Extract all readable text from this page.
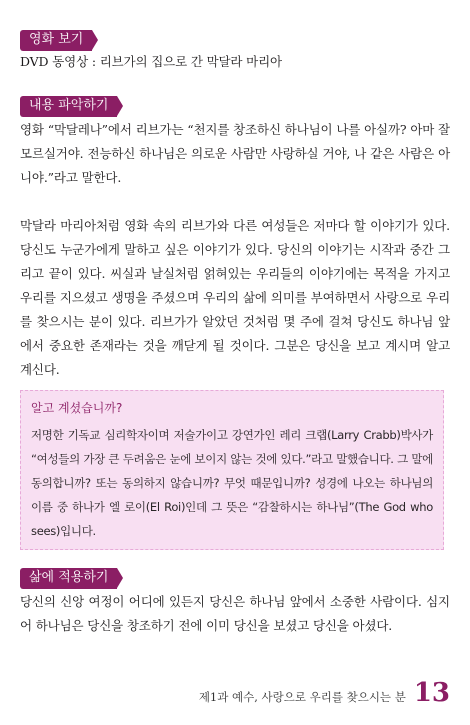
영화 보기

DVD 동영상 : 리브가의 집으로 간 막달라 마리아

내용 파악하기

영화 “막달레나”에서 리브가는 “천지를 창조하신 하나님이 나를 아실까? 아마 잘 모르실거야. 전능하신 하나님은 의로운 사람만 사랑하실 거야, 나 같은 사람은 아니야.”라고 말한다.

막달라 마리아처럼 영화 속의 리브가와 다른 여성들은 저마다 할 이야기가 있다. 당신도 누군가에게 말하고 싶은 이야기가 있다. 당신의 이야기는 시작과 중간 그리고 끝이 있다. 씨실과 날실처럼 얽혀있는 우리들의 이야기에는 목적을 가지고 우리를 지으셨고 생명을 주셨으며 우리의 삶에 의미를 부여하면서 사랑으로 우리를 찾으시는 분이 있다. 리브가가 알았던 것처럼 몇 주에 걸쳐 당신도 하나님 앞에서 중요한 존재라는 것을 깨닫게 될 것이다. 그분은 당신을 보고 계시며 알고 계신다.

알고 계셨습니까?

저명한 기독교 심리학자이며 저술가이고 강연가인 레리 크랩(Larry Crabb)박사가 “여성들의 가장 큰 두려움은 눈에 보이지 않는 것에 있다.”라고 말했습니다. 그 말에 동의합니까? 또는 동의하지 않습니까? 무엇 때문입니까? 성경에 나오는 하나님의 이름 중 하나가 엘 로이(El Roi)인데 그 뜻은 “감찰하시는 하나님”(The God who sees)입니다.

삶에 적용하기

당신의 신앙 여정이 어디에 있든지 당신은 하나님 앞에서 소중한 사람이다. 심지어 하나님은 당신을 창조하기 전에 이미 당신을 보셨고 당신을 아셨다.

제1과 예수, 사랑으로 우리를 찾으시는 분 13
